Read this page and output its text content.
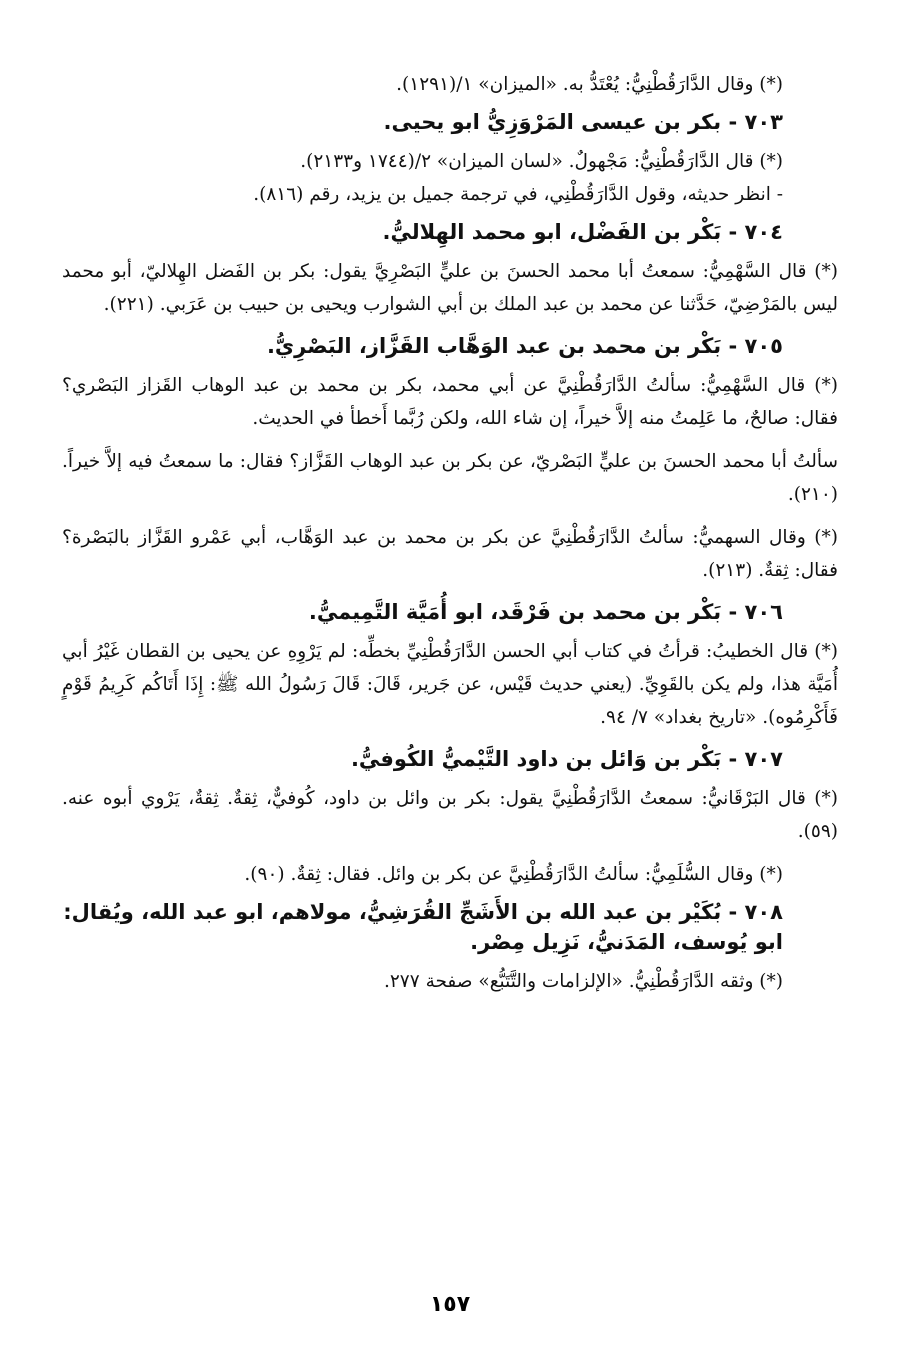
(*) وقال الدَّارَقُطْنِيُّ: يُعْتَدُّ به. «الميزان» ١/(١٢٩١).

٧٠٣ - بكر بن عيسى المَرْوَزِيُّ ابو يحيى.

(*) قال الدَّارَقُطْنِيُّ: مَجْهولٌ. «لسان الميزان» ٢/(١٧٤٤ و٢١٣٣).

- انظر حديثه، وقول الدَّارَقُطْنِي، في ترجمة جميل بن يزيد، رقم (٨١٦).

٧٠٤ - بَكْر بن الفَضْل، ابو محمد الهِلاليُّ.

(*) قال السَّهْمِيُّ: سمعتُ أبا محمد الحسنَ بن عليٍّ البَصْرِيَّ يقول: بكر بن الفَضل الهِلاليّ، أبو محمد ليس بالمَرْضِيّ، حَدَّثنا عن محمد بن عبد الملك بن أبي الشوارب ويحيى بن حبيب بن عَرَبي. (٢٢١).

٧٠٥ - بَكْر بن محمد بن عبد الوَهَّاب القَزَّاز، البَصْرِيُّ.

(*) قال السَّهْمِيُّ: سألتُ الدَّارَقُطْنِيَّ عن أبي محمد، بكر بن محمد بن عبد الوهاب القَزاز البَصْري؟ فقال: صالحٌ، ما عَلِمتُ منه إلاَّ خيراً، إن شاء الله، ولكن رُبَّما أَخطأ في الحديث.

سألتُ أبا محمد الحسنَ بن عليٍّ البَصْريّ، عن بكر بن عبد الوهاب القَزَّاز؟ فقال: ما سمعتُ فيه إلاَّ خيراً. (٢١٠).

(*) وقال السهميُّ: سألتُ الدَّارَقُطْنِيَّ عن بكر بن محمد بن عبد الوَهَّاب، أبي عَمْرو القَزَّاز بالبَصْرة؟ فقال: ثِقةٌ. (٢١٣).

٧٠٦ - بَكْر بن محمد بن فَرْقَد، ابو أُمَيَّة التَّمِيميُّ.

(*) قال الخطيبُ: قرأتُ في كتاب أبي الحسن الدَّارَقُطْنِيِّ بخطِّه: لم يَرْوِهِ عن يحيى بن القطان غَيْرُ أبي أُمَيَّة هذا، ولم يكن بالقَوِيِّ. (يعني حديث قَيْس، عن جَرير، قَالَ: قَالَ رَسُولُ الله ﷺ: إِذَا أَتَاكُم كَرِيمُ قَوْمٍ فَأَكْرِمُوه). «تاريخ بغداد» ٧/ ٩٤.

٧٠٧ - بَكْر بن وَائل بن داود التَّيْميُّ الكُوفيُّ.

(*) قال البَرْقَانيُّ: سمعتُ الدَّارَقُطْنِيَّ يقول: بكر بن وائل بن داود، كُوفيٌّ، ثِقةٌ. ثِقةٌ، يَرْوي أبوه عنه. (٥٩).

(*) وقال السُّلَمِيُّ: سألتُ الدَّارَقُطْنِيَّ عن بكر بن وائل. فقال: ثِقةٌ. (٩٠).

٧٠٨ - بُكَيْر بن عبد الله بن الأَشَجِّ القُرَشِيُّ، مولاهم، ابو عبد الله، ويُقال: ابو يُوسف، المَدَنيُّ، نَزِيل مِصْر.

(*) وثقه الدَّارَقُطْنِيُّ. «الإلزامات والتَّتَبُّع» صفحة ٢٧٧.

١٥٧
